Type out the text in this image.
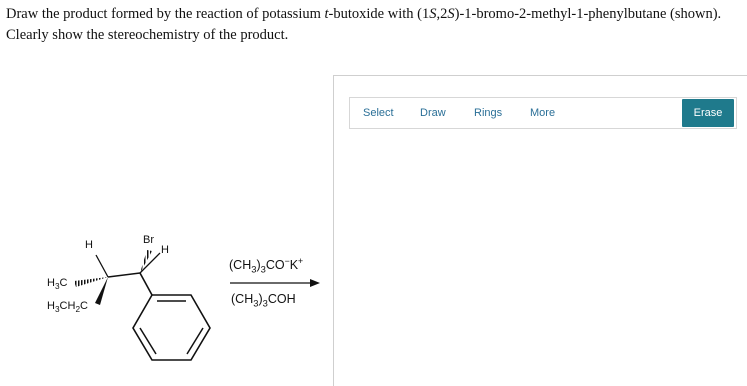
Draw the product formed by the reaction of potassium t-butoxide with (1S,2S)-1-bromo-2-methyl-1-phenylbutane (shown).
Clearly show the stereochemistry of the product.
H	Br
H
$H_3C$
$H_3CH_2C$
$(CH_3)_3CO^-K^+$
$(CH_3)_3COH$
Select Draw	Rings	More	Erase
